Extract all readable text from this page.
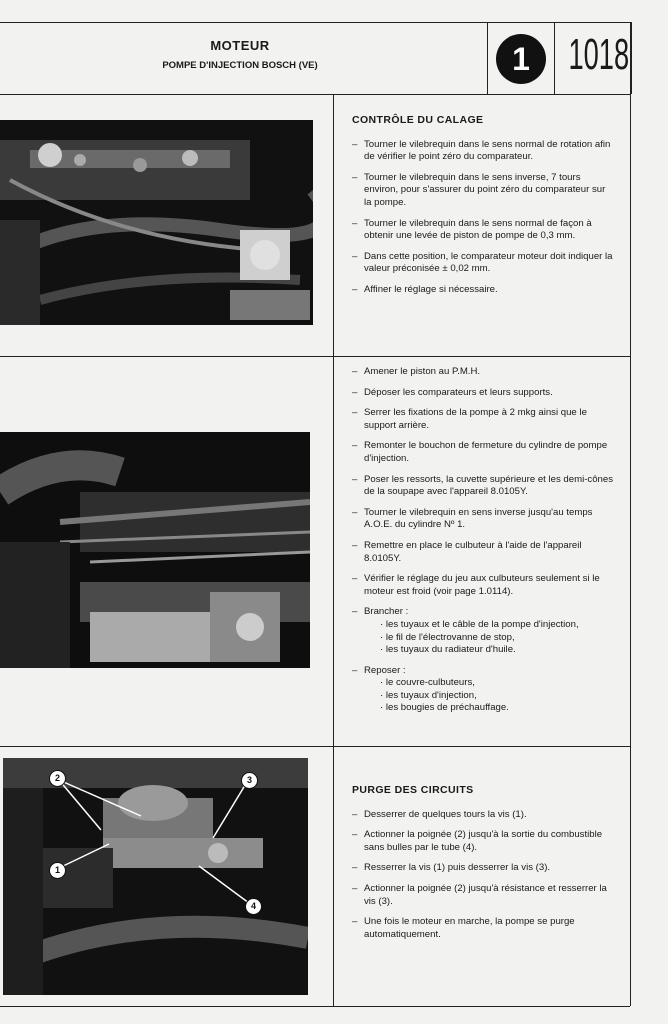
MOTEUR
POMPE D'INJECTION BOSCH (VE)	1 1018
2	3
1
4
CONTRÔLE DU CALAGE
– Tourner le vilebrequin dans le sens normal de rotation afin de vérifier le point zéro du comparateur.
– Tourner le vilebrequin dans le sens inverse, 7 tours environ, pour s'assurer du point zéro du comparateur sur la pompe.
– Tourner le vilebrequin dans le sens normal de façon à obtenir une levée de piston de pompe de 0,3 mm.
– Dans cette position, le comparateur moteur doit indiquer la valeur préconisée ± 0,02 mm.
– Affiner le réglage si nécessaire.
– Amener le piston au P.M.H.
– Déposer les comparateurs et leurs supports.
– Serrer les fixations de la pompe à 2 mkg ainsi que le support arrière.
– Remonter le bouchon de fermeture du cylindre de pompe d'injection.
– Poser les ressorts, la cuvette supérieure et les demi-cônes de la soupape avec l'appareil 8.0105Y.
– Tourner le vilebrequin en sens inverse jusqu'au temps A.O.E. du cylindre Nº 1.
– Remettre en place le culbuteur à l'aide de l'appareil 8.0105Y.
– Vérifier le réglage du jeu aux culbuteurs seulement si le moteur est froid (voir page 1.0114).
– Brancher :
· les tuyaux et le câble de la pompe d'injection,
· le fil de l'électrovanne de stop,
· les tuyaux du radiateur d'huile.
– Reposer :
· le couvre-culbuteurs,
· les tuyaux d'injection,
· les bougies de préchauffage.
PURGE DES CIRCUITS
– Desserrer de quelques tours la vis (1).
– Actionner la poignée (2) jusqu'à la sortie du combustible sans bulles par le tube (4).
– Resserrer la vis (1) puis desserrer la vis (3).
– Actionner la poignée (2) jusqu'à résistance et resserrer la vis (3).
– Une fois le moteur en marche, la pompe se purge automatiquement.
